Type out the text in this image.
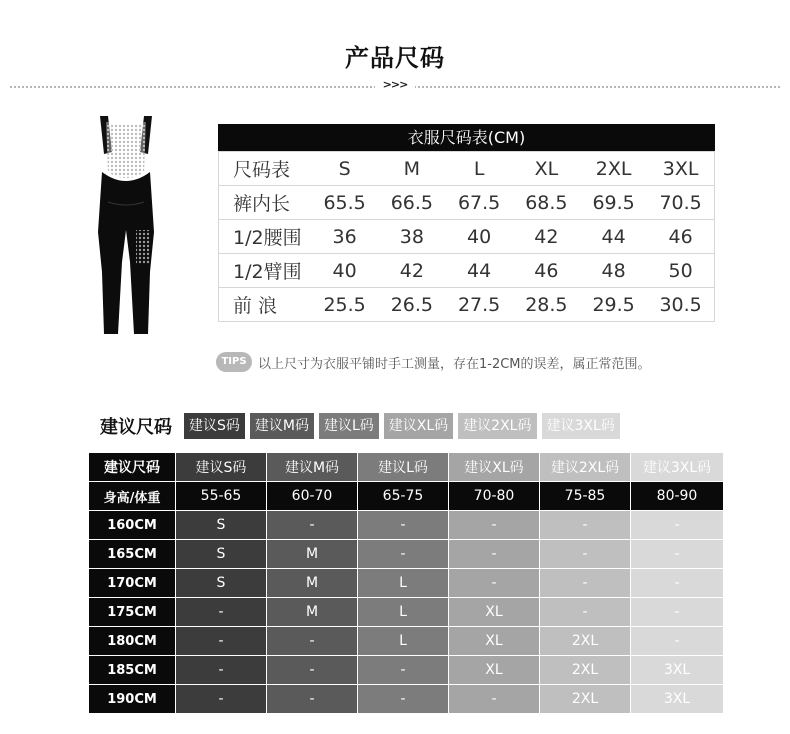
产品尺码
>>>
衣服尺码表(CM)
尺码表	S	M	L	XL	2XL	3XL
裤内长	65.5	66.5	67.5	68.5	69.5	70.5
1/2腰围	36	38	40	42	44	46
1/2臂围	40	42	44	46	48	50
前 浪	25.5	26.5	27.5	28.5	29.5	30.5
TIPS 以上尺寸为衣服平铺时手工测量，存在1-2CM的误差，属正常范围。
建议尺码	建议S码	建议M码	建议L码	建议XL码	建议2XL码	建议3XL码
建议尺码	建议S码	建议M码	建议L码	建议XL码	建议2XL码	建议3XL码
身高/体重	55-65	60-70	65-75	70-80	75-85	80-90
160CM	S	-	-	-	-	-
165CM	S	M	-	-	-	-
170CM	S	M	L	-	-	-
175CM	-	M	L	XL	-	-
180CM	-	-	L	XL	2XL	-
185CM	-	-	-	XL	2XL	3XL
190CM	-	-	-	-	2XL	3XL
